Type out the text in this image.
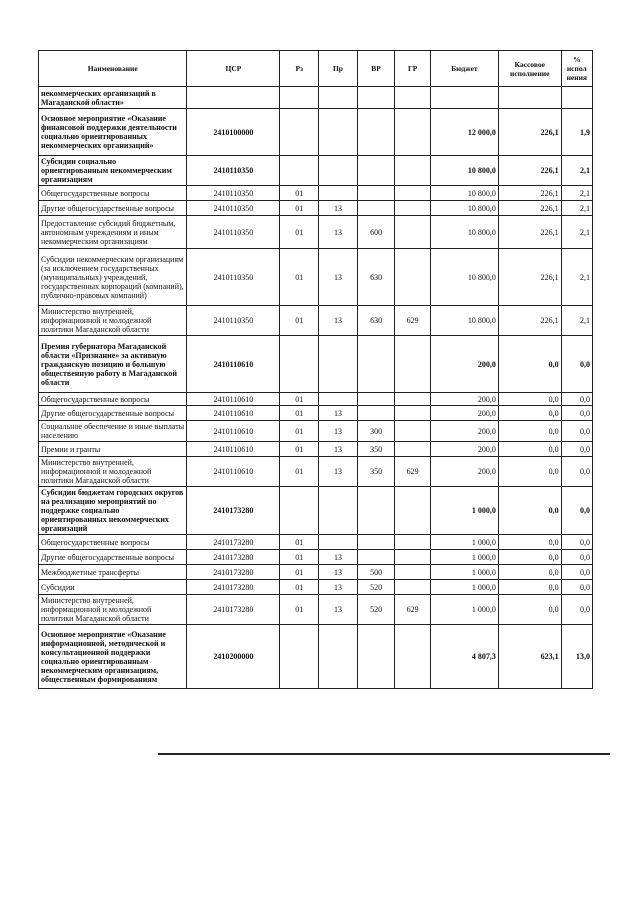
Наименование	ЦСР	Рз	Пр	ВР	ГР	Бюджет	Кассовое исполнение	% испол нения
некоммерческих организаций в Магаданской области»								
Основное мероприятие «Оказание финансовой поддержки деятельности социально ориентированных некоммерческих организаций»	2410100000					12 000,0	226,1	1,9
Субсидии социально ориентированным некоммерческим организациям	2410110350					10 800,0	226,1	2,1
Общегосударственные вопросы	2410110350	01				10 800,0	226,1	2,1
Другие общегосударственные вопросы	2410110350	01	13			10 800,0	226,1	2,1
Предоставление субсидий бюджетным, автономным учреждениям и иным некоммерческим организациям	2410110350	01	13	600		10 800,0	226,1	2,1
Субсидии некоммерческим организациям (за исключением государственных (муниципальных) учреждений, государственных корпораций (компаний), публично-правовых компаний)	2410110350	01	13	630		10 800,0	226,1	2,1
Министерство внутренней, информационной и молодежной политики Магаданской области	2410110350	01	13	630	629	10 800,0	226,1	2,1
Премия губернатора Магаданской области «Признание» за активную гражданскую позицию и большую общественную работу в Магаданской области	2410110610					200,0	0,0	0,0
Общегосударственные вопросы	2410110610	01				200,0	0,0	0,0
Другие общегосударственные вопросы	2410110610	01	13			200,0	0,0	0,0
Социальное обеспечение и иные выплаты населению	2410110610	01	13	300		200,0	0,0	0,0
Премии и гранты	2410110610	01	13	350		200,0	0,0	0,0
Министерство внутренней, информационной и молодежной политики Магаданской области	2410110610	01	13	350	629	200,0	0,0	0,0
Субсидии бюджетам городских округов на реализацию мероприятий по поддержке социально ориентированных некоммерческих организаций	2410173280					1 000,0	0,0	0,0
Общегосударственные вопросы	2410173280	01				1 000,0	0,0	0,0
Другие общегосударственные вопросы	2410173280	01	13			1 000,0	0,0	0,0
Межбюджетные трансферты	2410173280	01	13	500		1 000,0	0,0	0,0
Субсидии	2410173280	01	13	520		1 000,0	0,0	0,0
Министерство внутренней, информационной и молодежной политики Магаданской области	2410173280	01	13	520	629	1 000,0	0,0	0,0
Основное мероприятие «Оказание информационной, методической и консультационной поддержки социально ориентированным некоммерческим организациям, общественным формированиям	2410200000					4 807,3	623,1	13,0
